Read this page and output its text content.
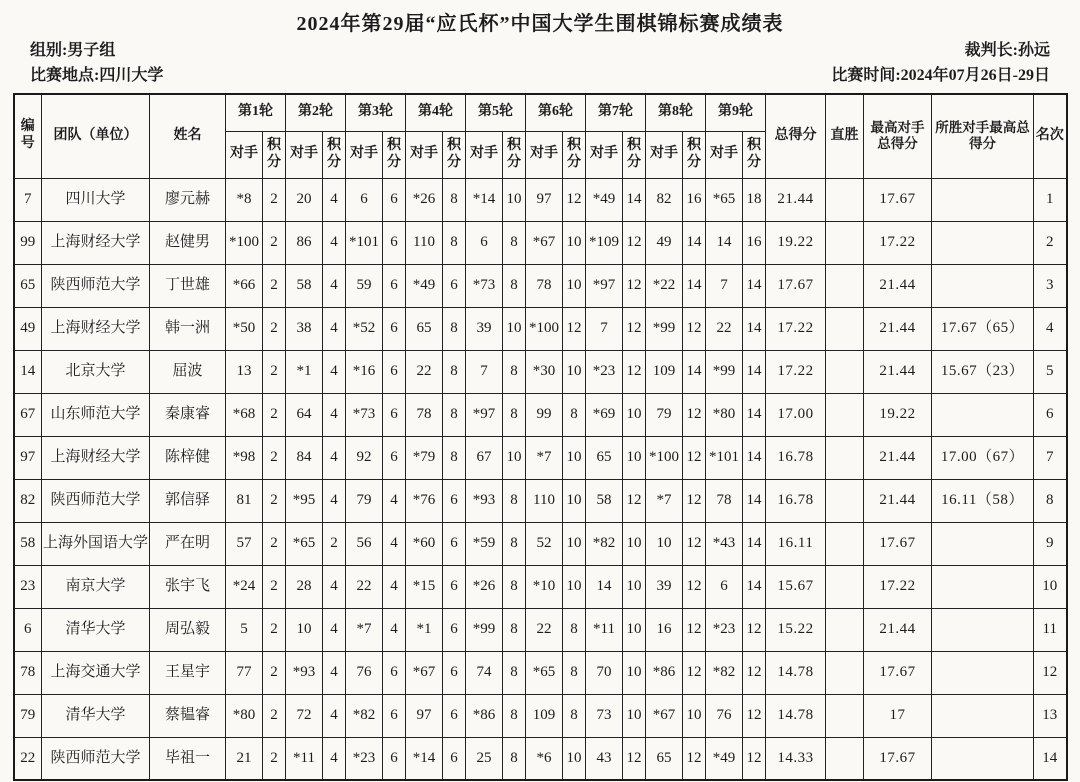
2024年第29届“应氏杯”中国大学生围棋锦标赛成绩表
组别:男子组	裁判长:孙远
比赛地点:四川大学	比赛时间:2024年07月26日-29日
编号	团队（单位）	姓名	第1轮		第2轮		第3轮		第4轮		第5轮		第6轮		第7轮		第8轮		第9轮		总得分	直胜	最高对手总得分	所胜对手最高总得分	名次
			对手	积分	对手	积分	对手	积分	对手	积分	对手	积分	对手	积分	对手	积分	对手	积分	对手	积分					
7	四川大学	廖元赫	*8	2	20	4	6	6	*26	8	*14	10	97	12	*49	14	82	16	*65	18	21.44		17.67		1
99	上海财经大学	赵健男	*100	2	86	4	*101	6	110	8	6	8	*67	10	*109	12	49	14	14	16	19.22		17.22		2
65	陕西师范大学	丁世雄	*66	2	58	4	59	6	*49	6	*73	8	78	10	*97	12	*22	14	7	14	17.67		21.44		3
49	上海财经大学	韩一洲	*50	2	38	4	*52	6	65	8	39	10	*100	12	7	12	*99	12	22	14	17.22		21.44	17.67（65）	4
14	北京大学	屈波	13	2	*1	4	*16	6	22	8	7	8	*30	10	*23	12	109	14	*99	14	17.22		21.44	15.67（23）	5
67	山东师范大学	秦康睿	*68	2	64	4	*73	6	78	8	*97	8	99	8	*69	10	79	12	*80	14	17.00		19.22		6
97	上海财经大学	陈梓健	*98	2	84	4	92	6	*79	8	67	10	*7	10	65	10	*100	12	*101	14	16.78		21.44	17.00（67）	7
82	陕西师范大学	郭信驿	81	2	*95	4	79	4	*76	6	*93	8	110	10	58	12	*7	12	78	14	16.78		21.44	16.11（58）	8
58	上海外国语大学	严在明	57	2	*65	2	56	4	*60	6	*59	8	52	10	*82	10	10	12	*43	14	16.11		17.67		9
23	南京大学	张宇飞	*24	2	28	4	22	4	*15	6	*26	8	*10	10	14	10	39	12	6	14	15.67		17.22		10
6	清华大学	周弘毅	5	2	10	4	*7	4	*1	6	*99	8	22	8	*11	10	16	12	*23	12	15.22		21.44		11
78	上海交通大学	王星宇	77	2	*93	4	76	6	*67	6	74	8	*65	8	70	10	*86	12	*82	12	14.78		17.67		12
79	清华大学	蔡韫睿	*80	2	72	4	*82	6	97	6	*86	8	109	8	73	10	*67	10	76	12	14.78		17		13
22	陕西师范大学	毕祖一	21	2	*11	4	*23	6	*14	6	25	8	*6	10	43	12	65	12	*49	12	14.33		17.67		14
